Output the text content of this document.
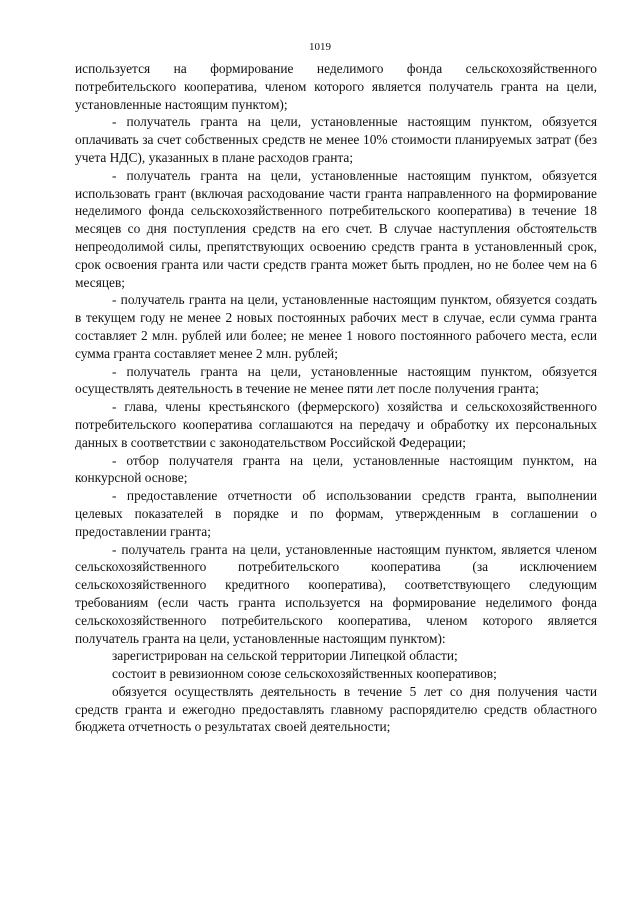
1019

используется на формирование неделимого фонда сельскохозяйственного потребительского кооператива, членом которого является получатель гранта на цели, установленные настоящим пунктом);

- получатель гранта на цели, установленные настоящим пунктом, обязуется оплачивать за счет собственных средств не менее 10% стоимости планируемых затрат (без учета НДС), указанных в плане расходов гранта;

- получатель гранта на цели, установленные настоящим пунктом, обязуется использовать грант (включая расходование части гранта направленного на формирование неделимого фонда сельскохозяйственного потребительского кооператива) в течение 18 месяцев со дня поступления средств на его счет. В случае наступления обстоятельств непреодолимой силы, препятствующих освоению средств гранта в установленный срок, срок освоения гранта или части средств гранта может быть продлен, но не более чем на 6 месяцев;

- получатель гранта на цели, установленные настоящим пунктом, обязуется создать в текущем году не менее 2 новых постоянных рабочих мест в случае, если сумма гранта составляет 2 млн. рублей или более; не менее 1 нового постоянного рабочего места, если сумма гранта составляет менее 2 млн. рублей;

- получатель гранта на цели, установленные настоящим пунктом, обязуется осуществлять деятельность в течение не менее пяти лет после получения гранта;

- глава, члены крестьянского (фермерского) хозяйства и сельскохозяйственного потребительского кооператива соглашаются на передачу и обработку их персональных данных в соответствии с законодательством Российской Федерации;

- отбор получателя гранта на цели, установленные настоящим пунктом, на конкурсной основе;

- предоставление отчетности об использовании средств гранта, выполнении целевых показателей в порядке и по формам, утвержденным в соглашении о предоставлении гранта;

- получатель гранта на цели, установленные настоящим пунктом, является членом сельскохозяйственного потребительского кооператива (за исключением сельскохозяйственного кредитного кооператива), соответствующего следующим требованиям (если часть гранта используется на формирование неделимого фонда сельскохозяйственного потребительского кооператива, членом которого является получатель гранта на цели, установленные настоящим пунктом):

зарегистрирован на сельской территории Липецкой области;

состоит в ревизионном союзе сельскохозяйственных кооперативов;

обязуется осуществлять деятельность в течение 5 лет со дня получения части средств гранта и ежегодно предоставлять главному распорядителю средств областного бюджета отчетность о результатах своей деятельности;
